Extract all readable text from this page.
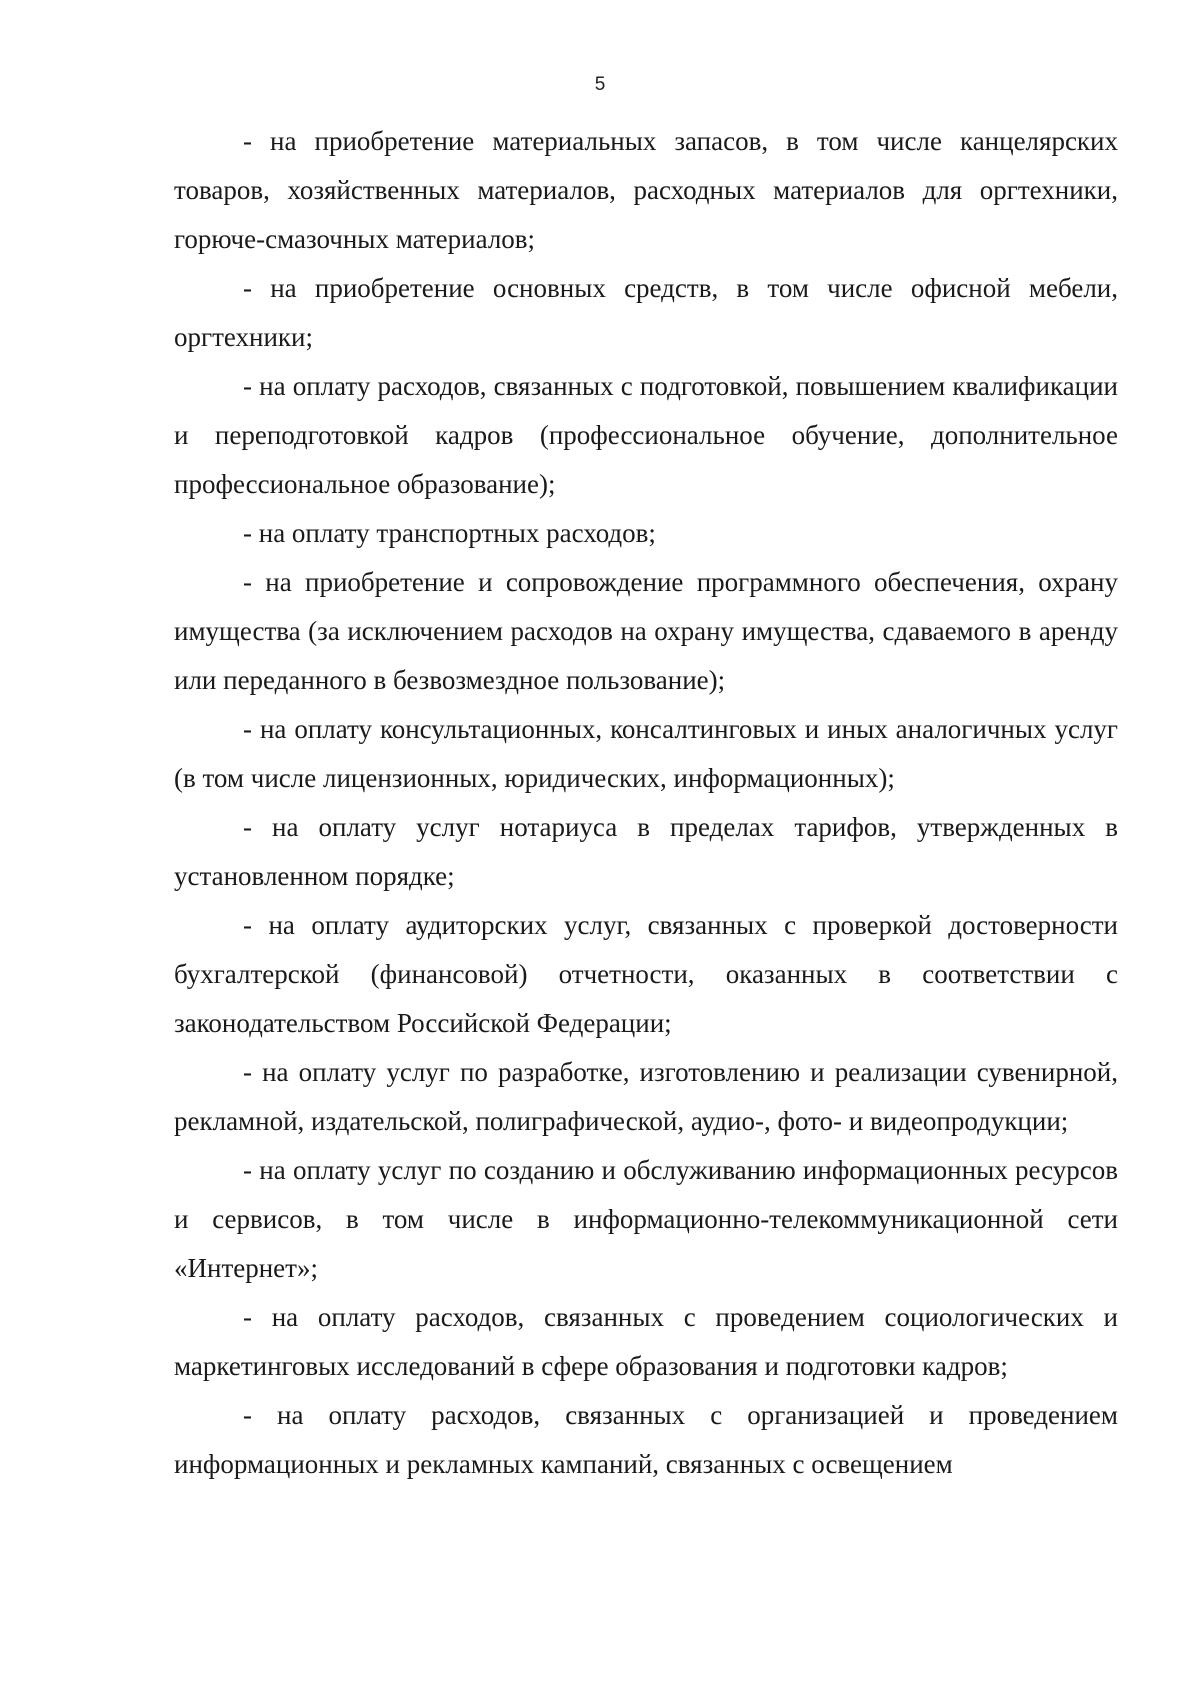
5

- на приобретение материальных запасов, в том числе канцелярских товаров, хозяйственных материалов, расходных материалов для оргтехники, горюче-смазочных материалов;

- на приобретение основных средств, в том числе офисной мебели, оргтехники;

- на оплату расходов, связанных с подготовкой, повышением квалификации и переподготовкой кадров (профессиональное обучение, дополнительное профессиональное образование);

- на оплату транспортных расходов;

- на приобретение и сопровождение программного обеспечения, охрану имущества (за исключением расходов на охрану имущества, сдаваемого в аренду или переданного в безвозмездное пользование);

- на оплату консультационных, консалтинговых и иных аналогичных услуг (в том числе лицензионных, юридических, информационных);

- на оплату услуг нотариуса в пределах тарифов, утвержденных в установленном порядке;

- на оплату аудиторских услуг, связанных с проверкой достоверности бухгалтерской (финансовой) отчетности, оказанных в соответствии с законодательством Российской Федерации;

- на оплату услуг по разработке, изготовлению и реализации сувенирной, рекламной, издательской, полиграфической, аудио-, фото- и видеопродукции;

- на оплату услуг по созданию и обслуживанию информационных ресурсов и сервисов, в том числе в информационно-телекоммуникационной сети «Интернет»;

- на оплату расходов, связанных с проведением социологических и маркетинговых исследований в сфере образования и подготовки кадров;

- на оплату расходов, связанных с организацией и проведением информационных и рекламных кампаний, связанных с освещением
